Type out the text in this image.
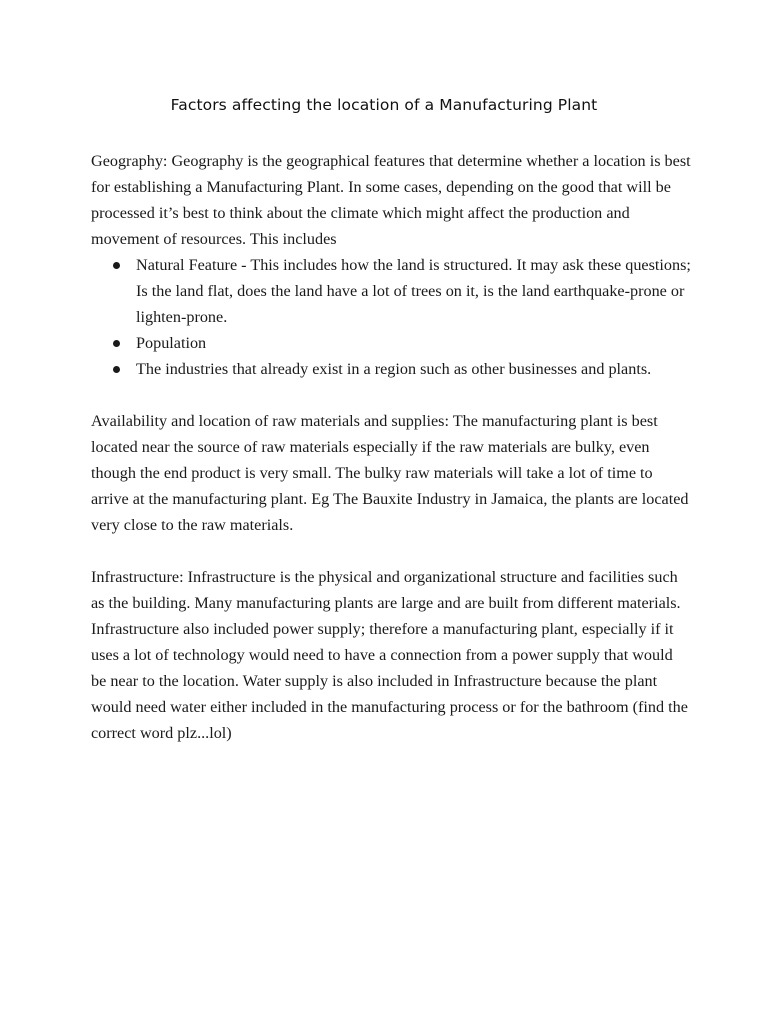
Factors affecting the location of a Manufacturing Plant

Geography: Geography is the geographical features that determine whether a location is best for establishing a Manufacturing Plant. In some cases, depending on the good that will be processed it’s best to think about the climate which might affect the production and movement of resources. This includes

Natural Feature - This includes how the land is structured. It may ask these questions; Is the land flat, does the land have a lot of trees on it, is the land earthquake-prone or lighten-prone.
Population
The industries that already exist in a region such as other businesses and plants.

Availability and location of raw materials and supplies: The manufacturing plant is best located near the source of raw materials especially if the raw materials are bulky, even though the end product is very small. The bulky raw materials will take a lot of time to arrive at the manufacturing plant. Eg The Bauxite Industry in Jamaica, the plants are located very close to the raw materials.

Infrastructure: Infrastructure is the physical and organizational structure and facilities such as the building. Many manufacturing plants are large and are built from different materials. Infrastructure also included power supply; therefore a manufacturing plant, especially if it uses a lot of technology would need to have a connection from a power supply that would be near to the location. Water supply is also included in Infrastructure because the plant would need water either included in the manufacturing process or for the bathroom (find the correct word plz...lol)
